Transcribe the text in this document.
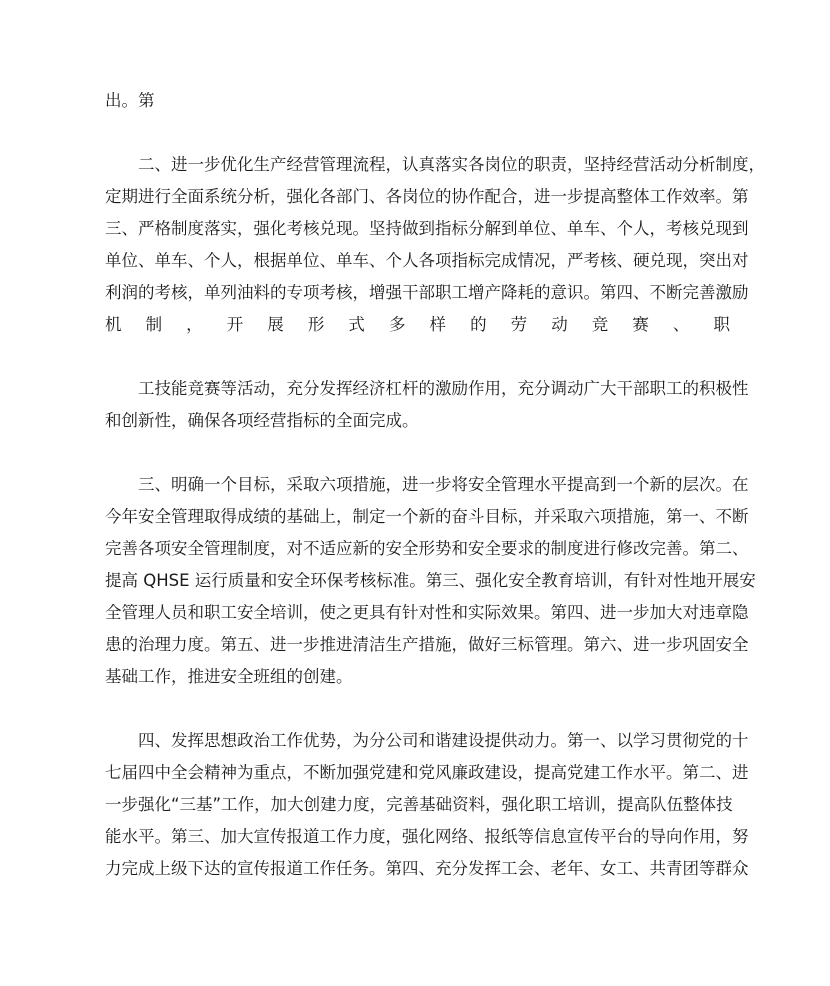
出。第
二、进一步优化生产经营管理流程，认真落实各岗位的职责，坚持经营活动分析制度，
定期进行全面系统分析，强化各部门、各岗位的协作配合，进一步提高整体工作效率。第
三、严格制度落实，强化考核兑现。坚持做到指标分解到单位、单车、个人，考核兑现到
单位、单车、个人，根据单位、单车、个人各项指标完成情况，严考核、硬兑现，突出对
利润的考核，单列油料的专项考核，增强干部职工增产降耗的意识。第四、不断完善激励
机制，开展形式多样的劳动竞赛、职
工技能竞赛等活动，充分发挥经济杠杆的激励作用，充分调动广大干部职工的积极性
和创新性，确保各项经营指标的全面完成。
三、明确一个目标，采取六项措施，进一步将安全管理水平提高到一个新的层次。在
今年安全管理取得成绩的基础上，制定一个新的奋斗目标，并采取六项措施，第一、不断
完善各项安全管理制度，对不适应新的安全形势和安全要求的制度进行修改完善。第二、
提高 QHSE 运行质量和安全环保考核标准。第三、强化安全教育培训，有针对性地开展安
全管理人员和职工安全培训，使之更具有针对性和实际效果。第四、进一步加大对违章隐
患的治理力度。第五、进一步推进清洁生产措施，做好三标管理。第六、进一步巩固安全
基础工作，推进安全班组的创建。
四、发挥思想政治工作优势，为分公司和谐建设提供动力。第一、以学习贯彻党的十
七届四中全会精神为重点，不断加强党建和党风廉政建设，提高党建工作水平。第二、进
一步强化“三基”工作，加大创建力度，完善基础资料，强化职工培训，提高队伍整体技
能水平。第三、加大宣传报道工作力度，强化网络、报纸等信息宣传平台的导向作用，努
力完成上级下达的宣传报道工作任务。第四、充分发挥工会、老年、女工、共青团等群众
